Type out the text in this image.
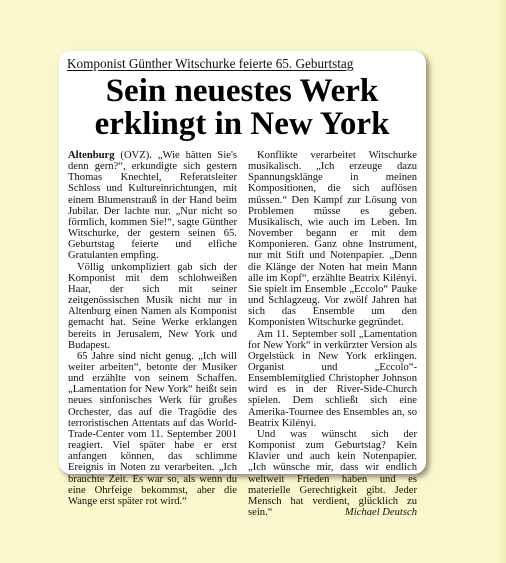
Komponist Günther Witschurke feierte 65. Geburtstag
Sein neuestes Werk
erklingt in New York

Altenburg (OVZ). „Wie hätten Sie's denn gern?“, erkundigte sich gestern Thomas Knechtel, Referatsleiter Schloss und Kultureinrichtungen, mit einem Blumenstrauß in der Hand beim Jubilar. Der lachte nur. „Nur nicht so förmlich, kommen Sie!“, sagte Günther Witschurke, der gestern seinen 65. Geburtstag feierte und elfiche Gratulanten empfing.

Völlig unkompliziert gab sich der Komponist mit dem schlohweißen Haar, der sich mit seiner zeitgenössischen Musik nicht nur in Altenburg einen Namen als Komponist gemacht hat. Seine Werke erklangen bereits in Jerusalem, New York und Budapest.

65 Jahre sind nicht genug. „Ich will weiter arbeiten“, betonte der Musiker und erzählte von seinem Schaffen. „Lamentation for New York“ heißt sein neues sinfonisches Werk für großes Orchester, das auf die Tragödie des terroristischen Attentats auf das World-Trade-Center vom 11. September 2001 reagiert. Viel später habe er erst anfangen können, das schlimme Ereignis in Noten zu verarbeiten. „Ich brauchte Zeit. Es war so, als wenn du eine Ohrfeige bekommst, aber die Wange erst später rot wird.“

Konflikte verarbeitet Witschurke musikalisch. „Ich erzeuge dazu Spannungsklänge in meinen Kompositionen, die sich auflösen müssen.“ Den Kampf zur Lösung von Problemen müsse es geben. Musikalisch, wie auch im Leben. Im November begann er mit dem Komponieren. Ganz ohne Instrument, nur mit Stift und Notenpapier. „Denn die Klänge der Noten hat mein Mann alle im Kopf“, erzählte Beatrix Kilényi. Sie spielt im Ensemble „Eccolo“ Pauke und Schlagzeug. Vor zwölf Jahren hat sich das Ensemble um den Komponisten Witschurke gegründet.

Am 11. September soll „Lamentation for New York“ in verkürzter Version als Orgelstück in New York erklingen. Organist und „Eccolo“-Ensemblemitglied Christopher Johnson wird es in der River-Side-Church spielen. Dem schließt sich eine Amerika-Tournee des Ensembles an, so Beatrix Kilényi.

Und was wünscht sich der Komponist zum Geburtstag? Kein Klavier und auch kein Notenpapier. „Ich wünsche mir, dass wir endlich weltweit Frieden haben und es materielle Gerechtigkeit gibt. Jeder Mensch hat verdient, glücklich zu sein.“	Michael Deutsch
